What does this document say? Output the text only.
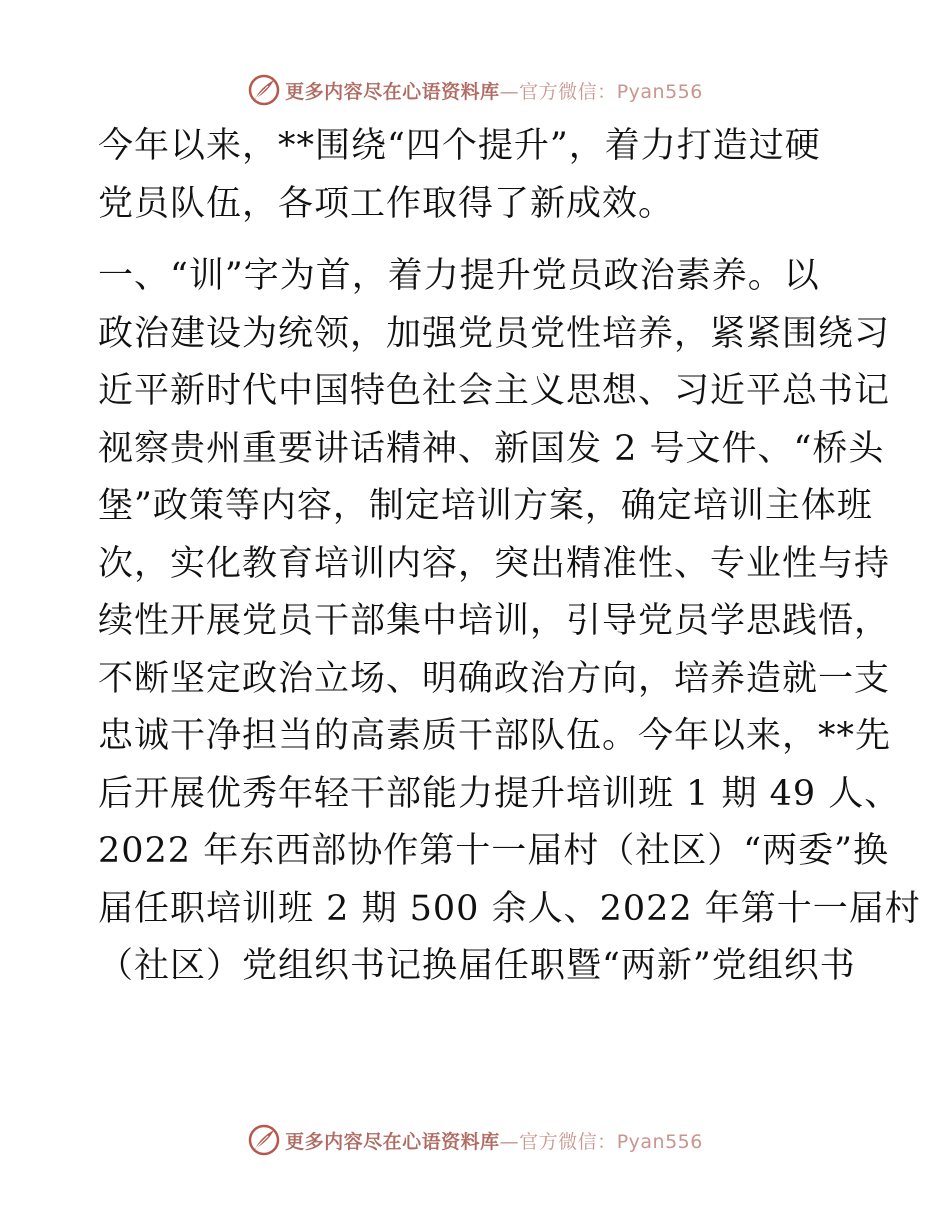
更多内容尽在心语资料库—官方微信：Pyan556
今年以来，**围绕“四个提升”，着力打造过硬
党员队伍，各项工作取得了新成效。
一、“训”字为首，着力提升党员政治素养。以
政治建设为统领，加强党员党性培养，紧紧围绕习
近平新时代中国特色社会主义思想、习近平总书记
视察贵州重要讲话精神、新国发 2 号文件、“桥头
堡”政策等内容，制定培训方案，确定培训主体班
次，实化教育培训内容，突出精准性、专业性与持
续性开展党员干部集中培训，引导党员学思践悟，
不断坚定政治立场、明确政治方向，培养造就一支
忠诚干净担当的高素质干部队伍。今年以来，**先
后开展优秀年轻干部能力提升培训班 1 期 49 人、
2022 年东西部协作第十一届村（社区）“两委”换
届任职培训班 2 期 500 余人、2022 年第十一届村
（社区）党组织书记换届任职暨“两新”党组织书
更多内容尽在心语资料库—官方微信：Pyan556
